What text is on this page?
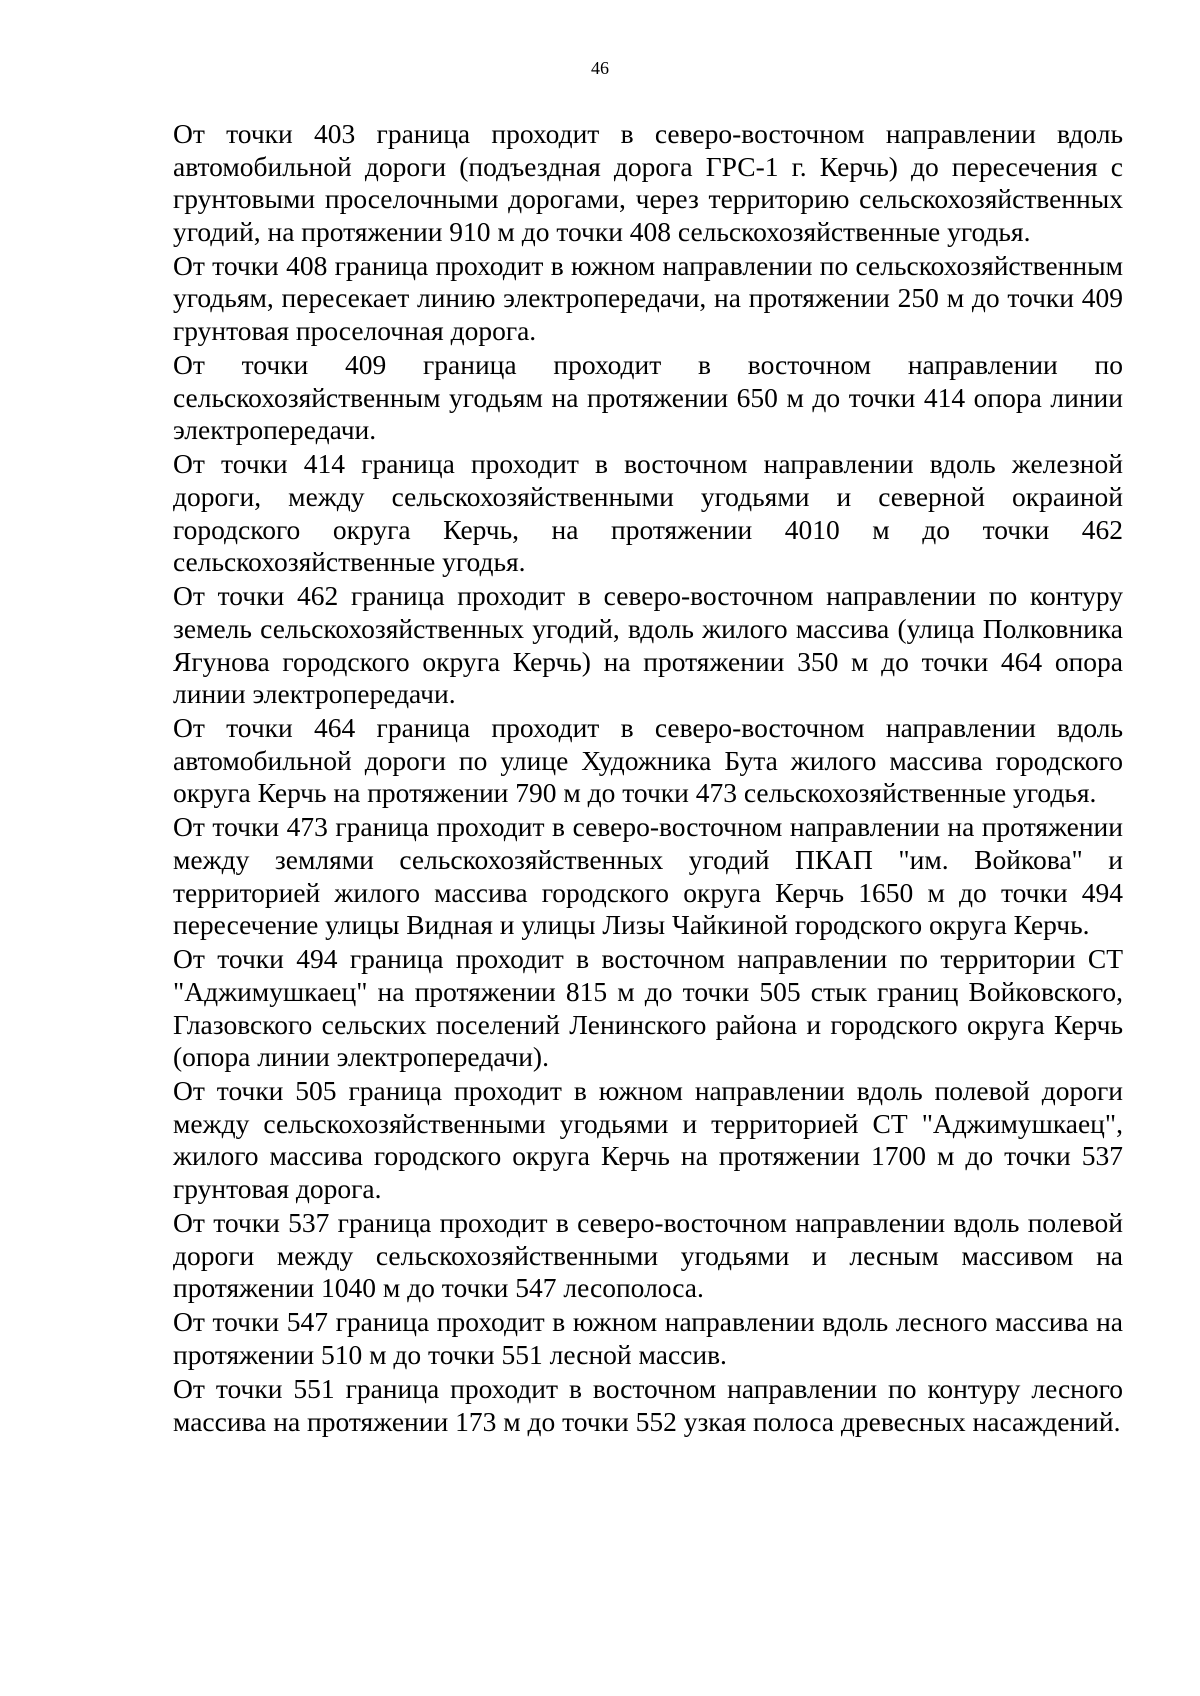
46

От точки 403 граница проходит в северо-восточном направлении вдоль автомобильной дороги (подъездная дорога ГРС-1 г. Керчь) до пересечения с грунтовыми проселочными дорогами, через территорию сельскохозяйственных угодий, на протяжении 910 м до точки 408 сельскохозяйственные угодья.

От точки 408 граница проходит в южном направлении по сельскохозяйственным угодьям, пересекает линию электропередачи, на протяжении 250 м до точки 409 грунтовая проселочная дорога.

От точки 409 граница проходит в восточном направлении по сельскохозяйственным угодьям на протяжении 650 м до точки 414 опора линии электропередачи.

От точки 414 граница проходит в восточном направлении вдоль железной дороги, между сельскохозяйственными угодьями и северной окраиной городского округа Керчь, на протяжении 4010 м до точки 462 сельскохозяйственные угодья.

От точки 462 граница проходит в северо-восточном направлении по контуру земель сельскохозяйственных угодий, вдоль жилого массива (улица Полковника Ягунова городского округа Керчь) на протяжении 350 м до точки 464 опора линии электропередачи.

От точки 464 граница проходит в северо-восточном направлении вдоль автомобильной дороги по улице Художника Бута жилого массива городского округа Керчь на протяжении 790 м до точки 473 сельскохозяйственные угодья.

От точки 473 граница проходит в северо-восточном направлении на протяжении между землями сельскохозяйственных угодий ПКАП "им. Войкова" и территорией жилого массива городского округа Керчь 1650 м до точки 494 пересечение улицы Видная и улицы Лизы Чайкиной городского округа Керчь.

От точки 494 граница проходит в восточном направлении по территории СТ "Аджимушкаец" на протяжении 815 м до точки 505 стык границ Войковского, Глазовского сельских поселений Ленинского района и городского округа Керчь (опора линии электропередачи).

От точки 505 граница проходит в южном направлении вдоль полевой дороги между сельскохозяйственными угодьями и территорией СТ "Аджимушкаец", жилого массива городского округа Керчь на протяжении 1700 м до точки 537 грунтовая дорога.

От точки 537 граница проходит в северо-восточном направлении вдоль полевой дороги между сельскохозяйственными угодьями и лесным массивом на протяжении 1040 м до точки 547 лесополоса.

От точки 547 граница проходит в южном направлении вдоль лесного массива на протяжении 510 м до точки 551 лесной массив.

От точки 551 граница проходит в восточном направлении по контуру лесного массива на протяжении 173 м до точки 552 узкая полоса древесных насаждений.
